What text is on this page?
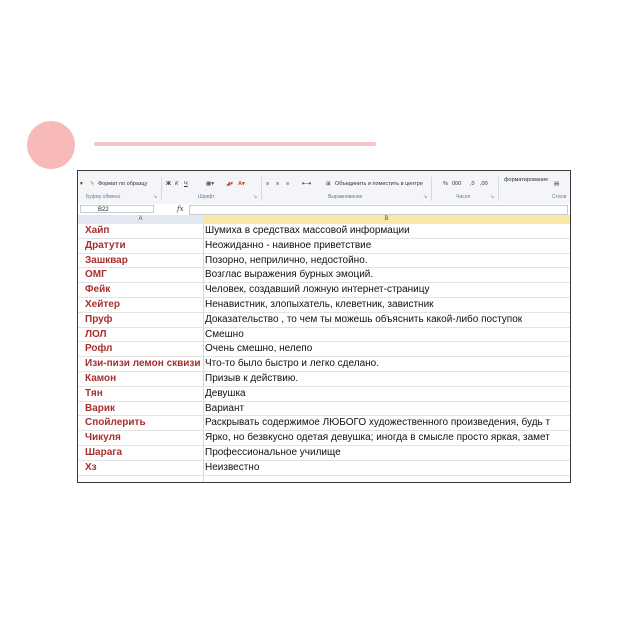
▾ ✎ Формат по образцу	Ж К Ч	▦▾ ◢▾ A▾	≡ ≡ ≡ ⇤⇥	⊞ Объединить и поместить в центре	% 000 ,0 ,00
форматирование
▤
Буфер обмена	↘	Шрифт	↘	Выравнивание	↘	Число	↘	Стили
B22	fx
A	B
Хайп	Шумиха в средствах массовой информации
Дратути	Неожиданно - наивное приветствие
Зашквар	Позорно, неприлично, недостойно.
ОМГ	Возглас выражения бурных эмоций.
Фейк	Человек, создавший ложную интернет-страницу
Хейтер	Ненавистник, злопыхатель, клеветник, завистник
Пруф	Доказательство , то чем ты можешь объяснить какой-либо поступок
ЛОЛ	Смешно
Рофл	Очень смешно, нелепо
Изи-пизи лемон сквизи Что-то было быстро и легко сделано.
Камон	Призыв к действию.
Тян	Девушка
Варик	Вариант
Спойлерить	Раскрывать содержимое ЛЮБОГО художественного произведения, будь т
Чикуля	Ярко, но безвкусно одетая девушка; иногда в смысле просто яркая, замет
Шарага	Профессиональное училище
Хз	Неизвестно
